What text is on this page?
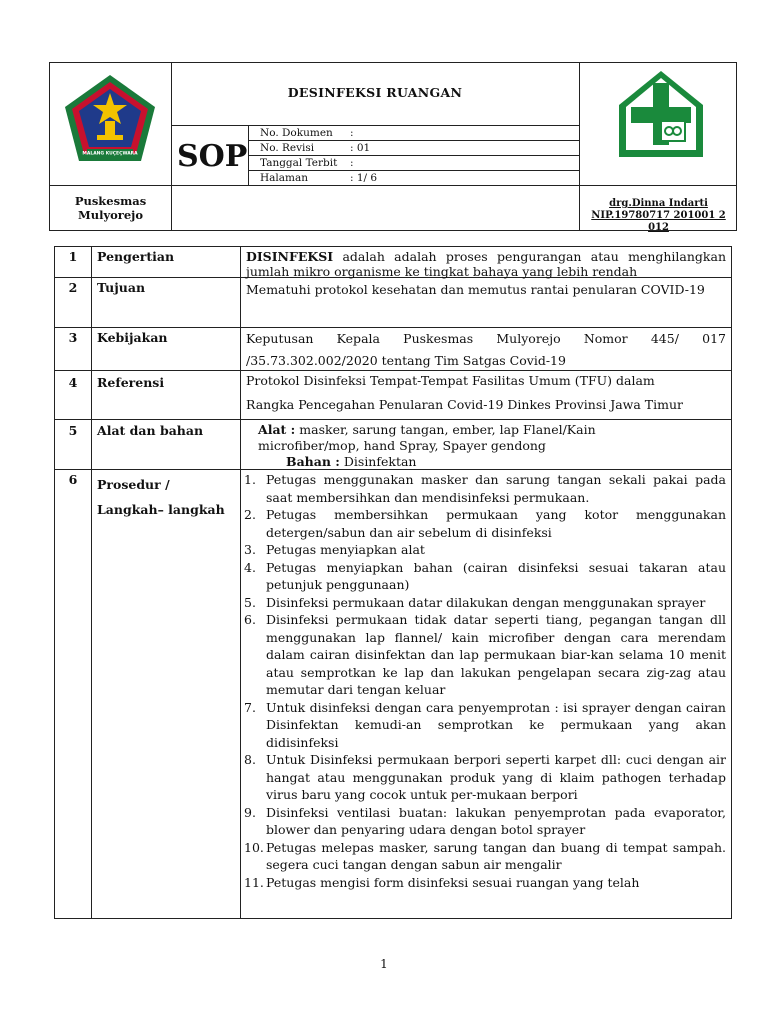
MALANG KUÇEÇWARA
DESINFEKSI RUANGAN
SOP
No. Dokumen :
No. Revisi	: 01
Tanggal Terbit :
Halaman	: 1/ 6
Puskesmas
Mulyorejo
drg.Dinna Indarti
NIP.19780717 201001 2 012
1	Pengertian	DISINFEKSI adalah adalah proses pengurangan atau menghilangkan jumlah mikro organisme ke tingkat bahaya yang lebih rendah
2	Tujuan	Mematuhi protokol kesehatan dan memutus rantai penularan COVID-19
3	Kebijakan	Keputusan Kepala Puskesmas Mulyorejo Nomor 445/ 017 /35.73.302.002/2020 tentang Tim Satgas Covid-19
4	Referensi	Protokol Disinfeksi Tempat-Tempat Fasilitas Umum (TFU) dalam
Rangka Pencegahan Penularan Covid-19 Dinkes Provinsi Jawa Timur
5	Alat dan bahan	Alat : masker, sarung tangan, ember, lap Flanel/Kain microfiber/mop, hand Spray, Spayer gendong
Bahan : Disinfektan
6	Prosedur /
Langkah– langkah
1. Petugas menggunakan masker dan sarung tangan sekali pakai pada saat membersihkan dan mendisinfeksi permukaan.
2. Petugas membersihkan permukaan yang kotor menggunakan detergen/sabun dan air sebelum di disinfeksi
3. Petugas menyiapkan alat
4. Petugas menyiapkan bahan (cairan disinfeksi sesuai takaran atau petunjuk penggunaan)
5. Disinfeksi permukaan datar dilakukan dengan menggunakan sprayer
6. Disinfeksi permukaan tidak datar seperti tiang, pegangan tangan dll menggunakan lap flannel/ kain microfiber dengan cara merendam dalam cairan disinfektan dan lap permukaan biar-kan selama 10 menit atau semprotkan ke lap dan lakukan pengelapan secara zig-zag atau memutar dari tengan keluar
7. Untuk disinfeksi dengan cara penyemprotan : isi sprayer dengan cairan Disinfektan kemudi-an semprotkan ke permukaan yang akan didisinfeksi
8. Untuk Disinfeksi permukaan berpori seperti karpet dll: cuci dengan air hangat atau menggunakan produk yang di klaim pathogen terhadap virus baru yang cocok untuk per-mukaan berpori
9. Disinfeksi ventilasi buatan: lakukan penyemprotan pada evaporator, blower dan penyaring udara dengan botol sprayer
10. Petugas melepas masker, sarung tangan dan buang di tempat sampah. segera cuci tangan dengan sabun air mengalir
11. Petugas mengisi form disinfeksi sesuai ruangan yang telah
1
